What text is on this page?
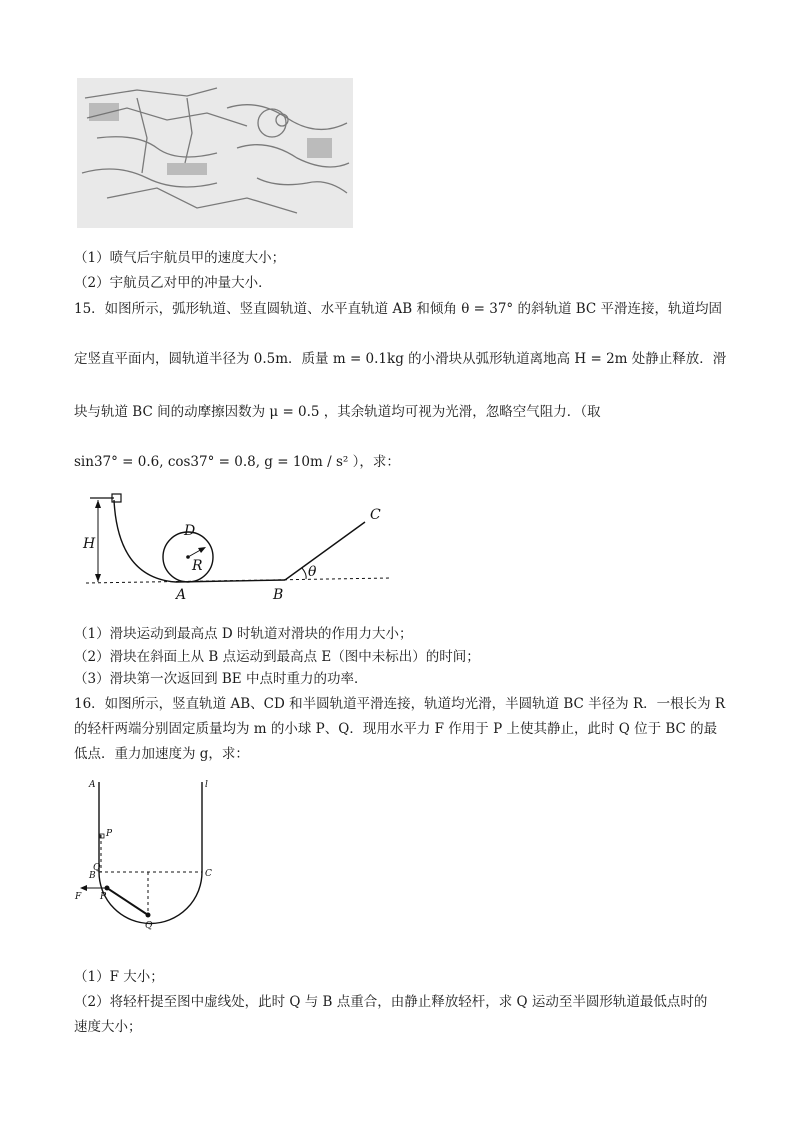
（1）喷气后宇航员甲的速度大小；
（2）宇航员乙对甲的冲量大小．
15．如图所示，弧形轨道、竖直圆轨道、水平直轨道 AB 和倾角 θ = 37° 的斜轨道 BC 平滑连接，轨道均固
定竖直平面内，圆轨道半径为 0.5m．质量 m = 0.1kg 的小滑块从弧形轨道离地高 H = 2m 处静止释放．滑
块与轨道 BC 间的动摩擦因数为 μ = 0.5 ，其余轨道均可视为光滑，忽略空气阻力．（取
sin37° = 0.6, cos37° = 0.8, g = 10m / s² ），求：
H
D
R
A	B
C
θ
（1）滑块运动到最高点 D 时轨道对滑块的作用力大小；
（2）滑块在斜面上从 B 点运动到最高点 E（图中未标出）的时间；
（3）滑块第一次返回到 BE 中点时重力的功率．
16．如图所示，竖直轨道 AB、CD 和半圆轨道平滑连接，轨道均光滑，半圆轨道 BC 半径为 R．一根长为 R
的轻杆两端分别固定质量均为 m 的小球 P、Q．现用水平力 F 作用于 P 上使其静止，此时 Q 位于 BC 的最
低点．重力加速度为 g，求：
P
Q
F P
Q
A	l
B	C
（1）F 大小；
（2）将轻杆提至图中虚线处，此时 Q 与 B 点重合，由静止释放轻杆，求 Q 运动至半圆形轨道最低点时的
速度大小；
